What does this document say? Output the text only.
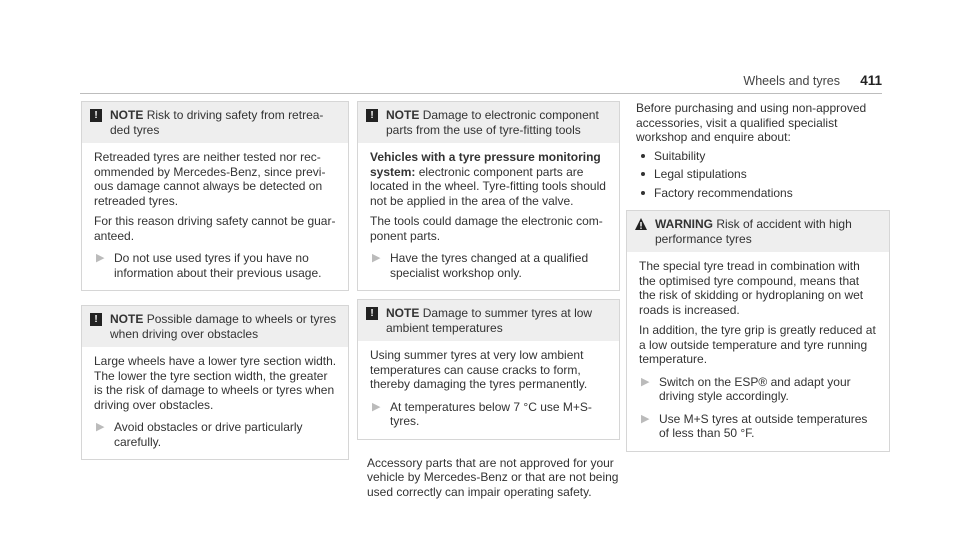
Wheels and tyres 411
!	NOTE Risk to driving safety from retrea-ded tyres

Retreaded tyres are neither tested nor rec-ommended by Mercedes-Benz, since previ-ous damage cannot always be detected on retreaded tyres.

For this reason driving safety cannot be guar-anteed.

▶ Do not use used tyres if you have no information about their previous usage.
!	NOTE Possible damage to wheels or tyres when driving over obstacles

Large wheels have a lower tyre section width. The lower the tyre section width, the greater is the risk of damage to wheels or tyres when driving over obstacles.

▶ Avoid obstacles or drive particularly carefully.
!	NOTE Damage to electronic component parts from the use of tyre-fitting tools

Vehicles with a tyre pressure monitoring system: electronic component parts are located in the wheel. Tyre-fitting tools should not be applied in the area of the valve.

The tools could damage the electronic com-ponent parts.

▶ Have the tyres changed at a qualified specialist workshop only.
!	NOTE Damage to summer tyres at low ambient temperatures

Using summer tyres at very low ambient temperatures can cause cracks to form, thereby damaging the tyres permanently.

▶ At temperatures below 7 °C use M+S-tyres.

Accessory parts that are not approved for your vehicle by Mercedes-Benz or that are not being used correctly can impair operating safety.

Before purchasing and using non-approved accessories, visit a qualified specialist workshop and enquire about:
Suitability
Legal stipulations
Factory recommendations
WARNING Risk of accident with high performance tyres

The special tyre tread in combination with the optimised tyre compound, means that the risk of skidding or hydroplaning on wet roads is increased.

In addition, the tyre grip is greatly reduced at a low outside temperature and tyre running temperature.

▶ Switch on the ESP® and adapt your driving style accordingly.
▶ Use M+S tyres at outside temperatures of less than 50 °F.
